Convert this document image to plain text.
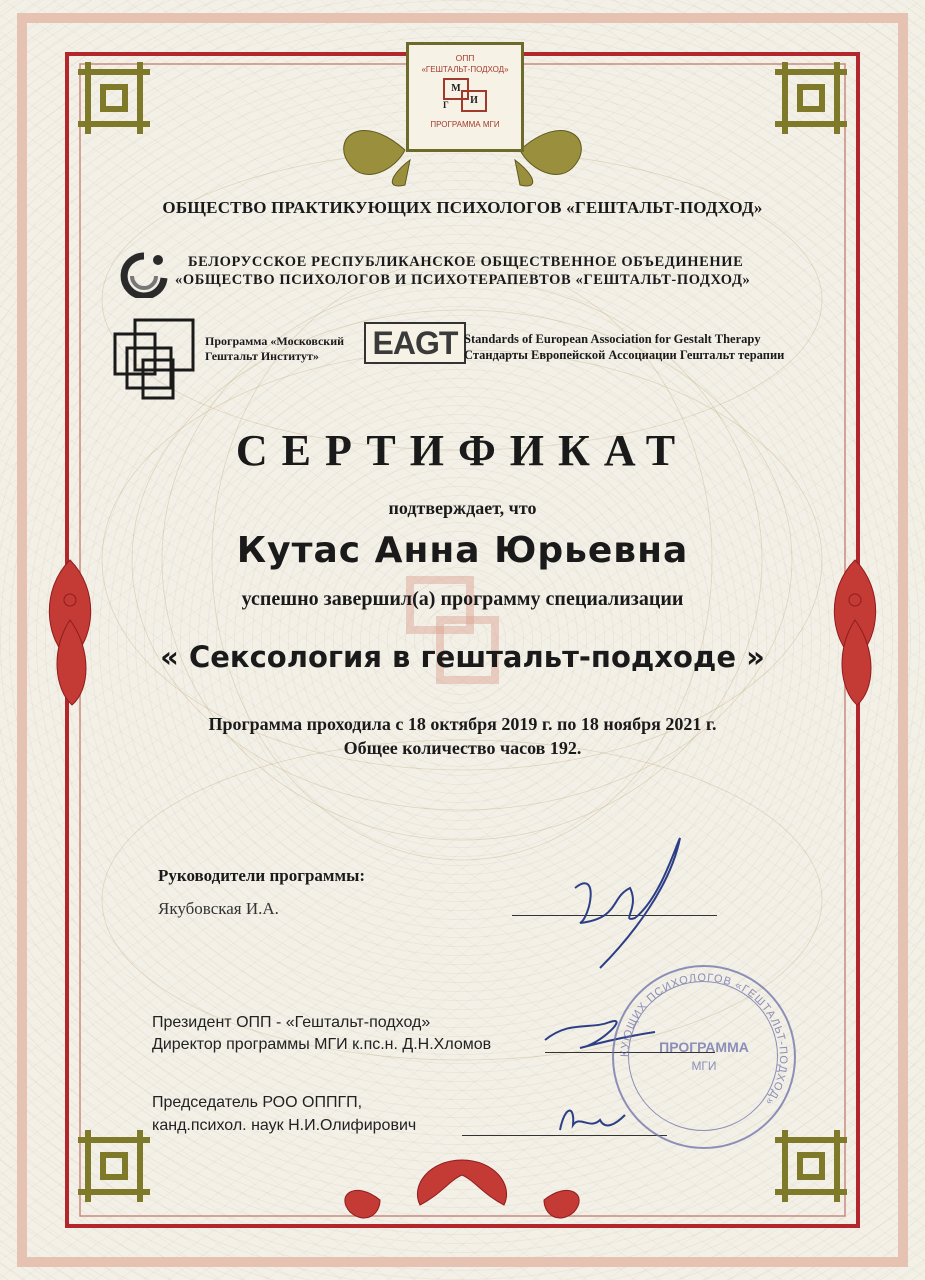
ОПП
«ГЕШТАЛЬТ-ПОДХОД»
М
И
Г
ПРОГРАММА МГИ
ОБЩЕСТВО ПРАКТИКУЮЩИХ ПСИХОЛОГОВ «ГЕШТАЛЬТ-ПОДХОД»
БЕЛОРУССКОЕ РЕСПУБЛИКАНСКОЕ ОБЩЕСТВЕННОЕ ОБЪЕДИНЕНИЕ
«ОБЩЕСТВО ПСИХОЛОГОВ И ПСИХОТЕРАПЕВТОВ «ГЕШТАЛЬТ-ПОДХОД»
Программа «Московский
Гештальт Институт» EAGT Standards of European Association for Gestalt Therapy
Стандарты Европейской Ассоциации Гештальт терапии
СЕРТИФИКАТ
подтверждает, что
Кутас Анна Юрьевна
успешно завершил(а) программу специализации
« Сексология в гештальт-подходе »
Программа проходила с 18 октября 2019 г. по 18 ноября 2021 г.
Общее количество часов 192.
Руководители программы:
Якубовская И.А.
Президент ОПП - «Гештальт-подход»
Директор программы МГИ к.пс.н. Д.Н.Хломов
Председатель РОО ОППГП,
канд.психол. наук Н.И.Олифирович
КУЮЩИХ ПСИХОЛОГОВ «ГЕШТАЛЬТ-ПОДХОД»
ПРОГРАММА
МГИ
